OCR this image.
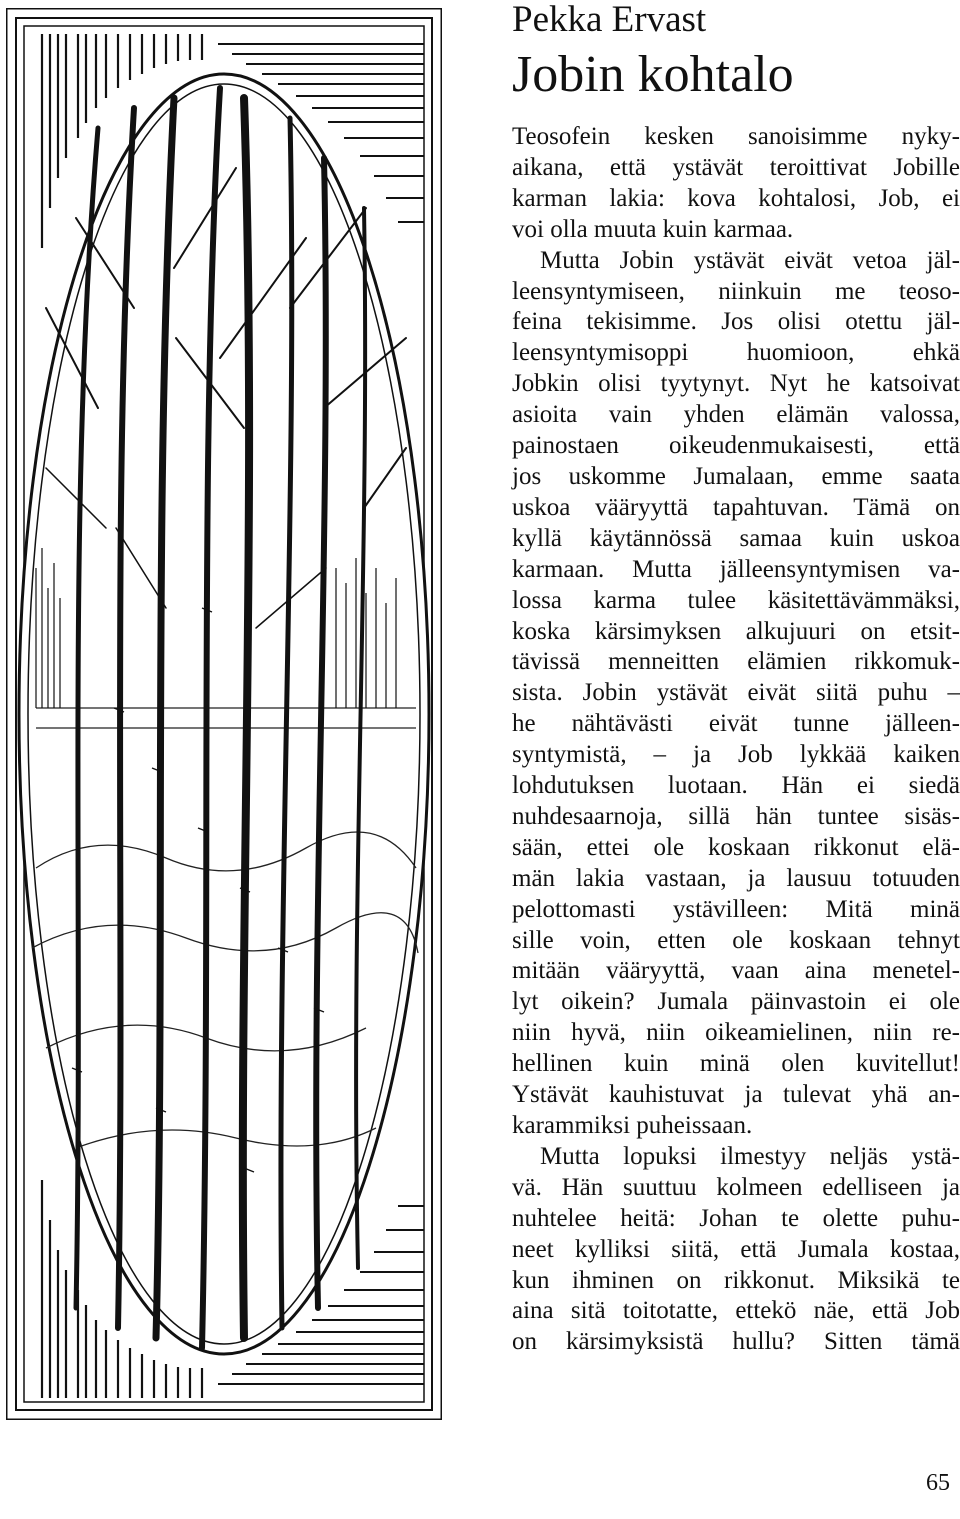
Pekka Ervast
Jobin kohtalo
Teosofein kesken sanoisimme nyky-
aikana, että ystävät teroittivat Jobille
karman lakia: kova kohtalosi, Job, ei
voi olla muuta kuin karmaa.
Mutta Jobin ystävät eivät vetoa jäl-
leensyntymiseen, niinkuin me teoso-
feina tekisimme. Jos olisi otettu jäl-
leensyntymisoppi huomioon, ehkä
Jobkin olisi tyytynyt. Nyt he katsoivat
asioita vain yhden elämän valossa,
painostaen oikeudenmukaisesti, että
jos uskomme Jumalaan, emme saata
uskoa vääryyttä tapahtuvan. Tämä on
kyllä käytännössä samaa kuin uskoa
karmaan. Mutta jälleensyntymisen va-
lossa karma tulee käsitettävämmäksi,
koska kärsimyksen alkujuuri on etsit-
tävissä menneitten elämien rikkomuk-
sista. Jobin ystävät eivät siitä puhu –
he nähtävästi eivät tunne jälleen-
syntymistä, – ja Job lykkää kaiken
lohdutuksen luotaan. Hän ei siedä
nuhdesaarnoja, sillä hän tuntee sisäs-
sään, ettei ole koskaan rikkonut elä-
män lakia vastaan, ja lausuu totuuden
pelottomasti ystävilleen: Mitä minä
sille voin, etten ole koskaan tehnyt
mitään vääryyttä, vaan aina menetel-
lyt oikein? Jumala päinvastoin ei ole
niin hyvä, niin oikeamielinen, niin re-
hellinen kuin minä olen kuvitellut!
Ystävät kauhistuvat ja tulevat yhä an-
karammiksi puheissaan.
Mutta lopuksi ilmestyy neljäs ystä-
vä. Hän suuttuu kolmeen edelliseen ja
nuhtelee heitä: Johan te olette puhu-
neet kylliksi siitä, että Jumala kostaa,
kun ihminen on rikkonut. Miksikä te
aina sitä toitotatte, ettekö näe, että Job
on kärsimyksistä hullu? Sitten tämä
65
